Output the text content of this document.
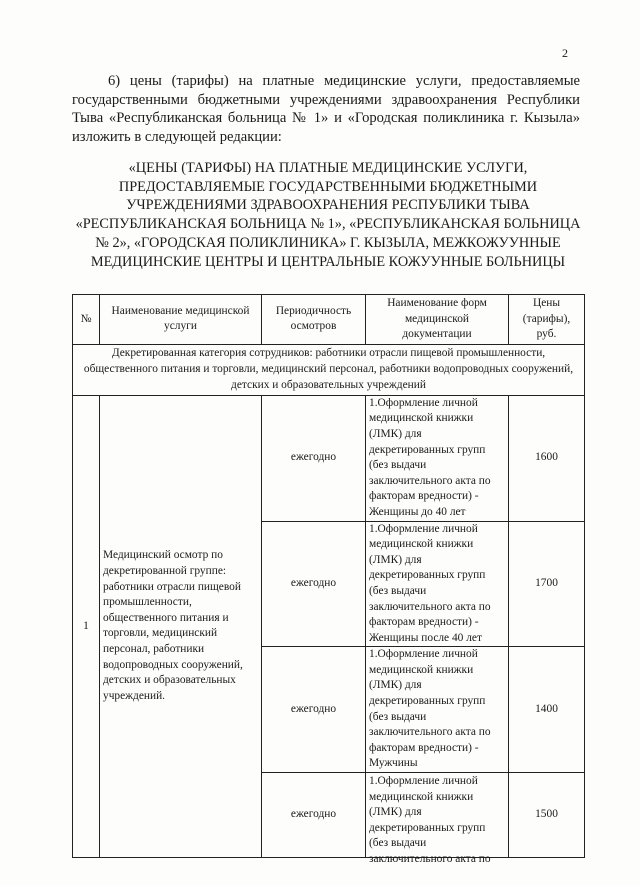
2

6) цены (тарифы) на платные медицинские услуги, предоставляемые государственными бюджетными учреждениями здравоохранения Республики Тыва «Республиканская больница № 1» и «Городская поликлиника г. Кызыла» изложить в следующей редакции:

«ЦЕНЫ (ТАРИФЫ) НА ПЛАТНЫЕ МЕДИЦИНСКИЕ УСЛУГИ, ПРЕДОСТАВЛЯЕМЫЕ ГОСУДАРСТВЕННЫМИ БЮДЖЕТНЫМИ УЧРЕЖДЕНИЯМИ ЗДРАВООХРАНЕНИЯ РЕСПУБЛИКИ ТЫВА «РЕСПУБЛИКАНСКАЯ БОЛЬНИЦА № 1», «РЕСПУБЛИКАНСКАЯ БОЛЬНИЦА № 2», «ГОРОДСКАЯ ПОЛИКЛИНИКА» Г. КЫЗЫЛА, МЕЖКОЖУУННЫЕ МЕДИЦИНСКИЕ ЦЕНТРЫ И ЦЕНТРАЛЬНЫЕ КОЖУУННЫЕ БОЛЬНИЦЫ

№	Наименование медицинской услуги	Периодичность осмотров	Наименование форм медицинской документации	Цены (тарифы), руб.
Декретированная категория сотрудников: работники отрасли пищевой промышленности, общественного питания и торговли, медицинский персонал, работники водопроводных сооружений, детских и образовательных учреждений				
1	Медицинский осмотр по декретированной группе: работники отрасли пищевой промышленности, общественного питания и торговли, медицинский персонал, работники водопроводных сооружений, детских и образовательных учреждений.	ежегодно	1.Оформление личной медицинской книжки (ЛМК) для декретированных групп (без выдачи заключительного акта по факторам вредности) - Женщины до 40 лет	1600
		ежегодно	1.Оформление личной медицинской книжки (ЛМК) для декретированных групп (без выдачи заключительного акта по факторам вредности) - Женщины после 40 лет	1700
		ежегодно	1.Оформление личной медицинской книжки (ЛМК) для декретированных групп (без выдачи заключительного акта по факторам вредности) - Мужчины	1400
		ежегодно	1.Оформление личной медицинской книжки (ЛМК) для декретированных групп (без выдачи заключительного акта по	1500
